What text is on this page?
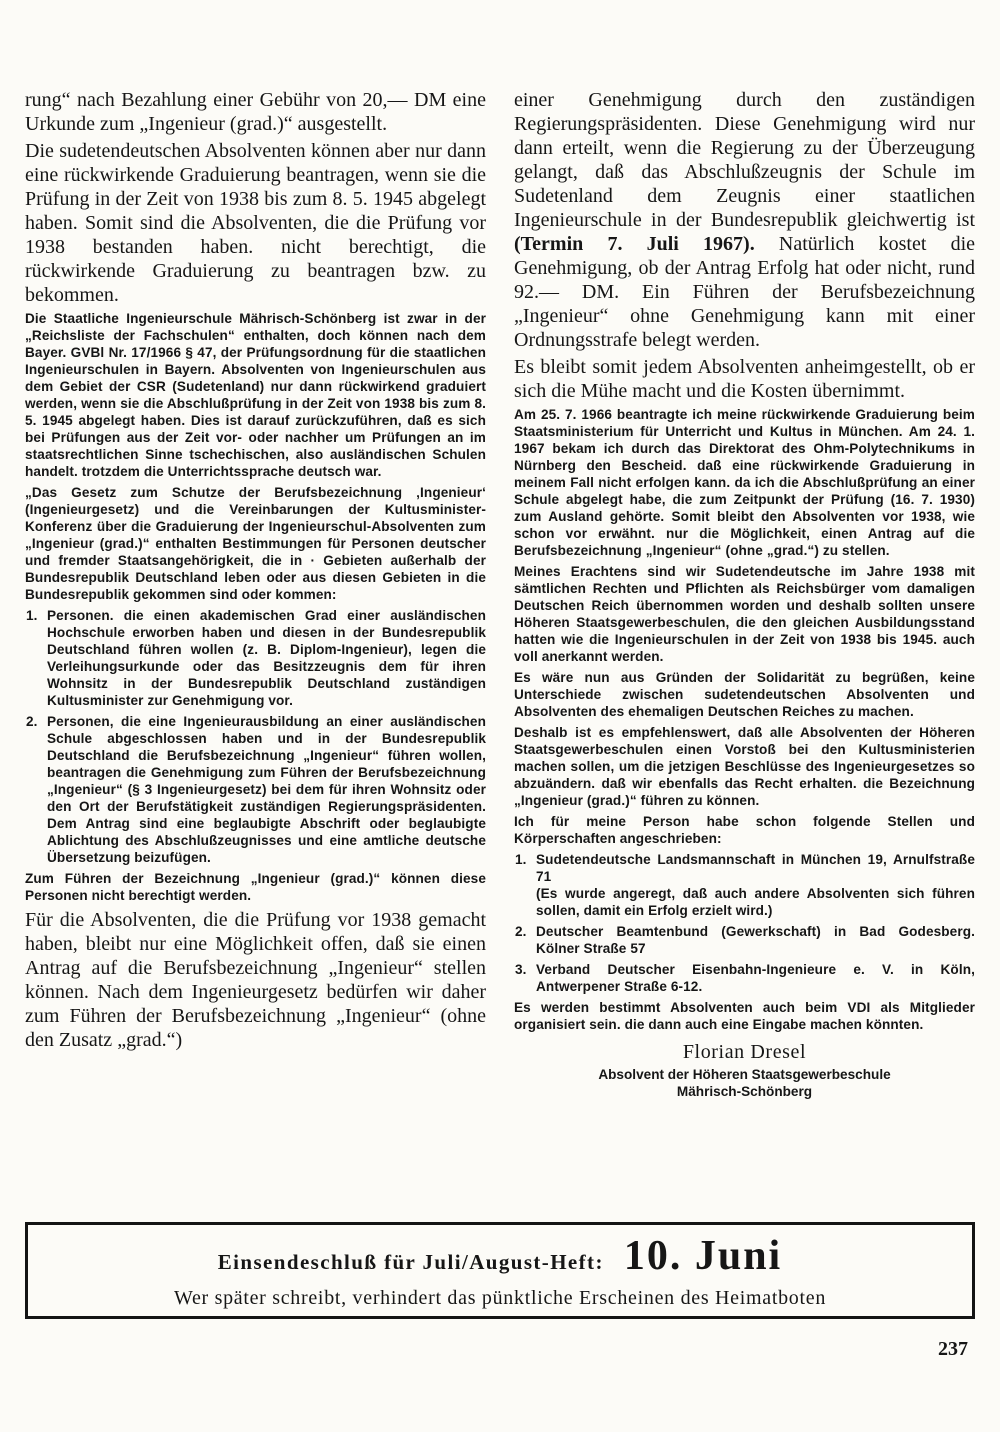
rung“ nach Bezahlung einer Gebühr von 20,— DM eine Urkunde zum „Ingenieur (grad.)“ ausgestellt.

Die sudetendeutschen Absolventen können aber nur dann eine rückwirkende Graduierung beantragen, wenn sie die Prüfung in der Zeit von 1938 bis zum 8. 5. 1945 abgelegt haben. Somit sind die Absolventen, die die Prüfung vor 1938 bestanden haben. nicht berechtigt, die rückwirkende Graduierung zu beantragen bzw. zu bekommen.

Die Staatliche Ingenieurschule Mährisch-Schönberg ist zwar in der „Reichsliste der Fachschulen“ enthalten, doch können nach dem Bayer. GVBl Nr. 17/1966 § 47, der Prüfungsordnung für die staatlichen Ingenieurschulen in Bayern. Absolventen von Ingenieurschulen aus dem Gebiet der CSR (Sudetenland) nur dann rückwirkend graduiert werden, wenn sie die Abschlußprüfung in der Zeit von 1938 bis zum 8. 5. 1945 abgelegt haben. Dies ist darauf zurückzuführen, daß es sich bei Prüfungen aus der Zeit vor- oder nachher um Prüfungen an im staatsrechtlichen Sinne tschechischen, also ausländischen Schulen handelt. trotzdem die Unterrichtssprache deutsch war.

„Das Gesetz zum Schutze der Berufsbezeichnung ‚Ingenieur‘ (Ingenieurgesetz) und die Vereinbarungen der Kultusminister-Konferenz über die Graduierung der Ingenieurschul-Absolventen zum „Ingenieur (grad.)“ enthalten Bestimmungen für Personen deutscher und fremder Staatsangehörigkeit, die in · Gebieten außerhalb der Bundesrepublik Deutschland leben oder aus diesen Gebieten in die Bundesrepublik gekommen sind oder kommen:

1. Personen. die einen akademischen Grad einer ausländischen Hochschule erworben haben und diesen in der Bundesrepublik Deutschland führen wollen (z. B. Diplom-Ingenieur), legen die Verleihungsurkunde oder das Besitzzeugnis dem für ihren Wohnsitz in der Bundesrepublik Deutschland zuständigen Kultusminister zur Genehmigung vor.
2. Personen, die eine Ingenieurausbildung an einer ausländischen Schule abgeschlossen haben und in der Bundesrepublik Deutschland die Berufsbezeichnung „Ingenieur“ führen wollen, beantragen die Genehmigung zum Führen der Berufsbezeichnung „Ingenieur“ (§ 3 Ingenieurgesetz) bei dem für ihren Wohnsitz oder den Ort der Berufstätigkeit zuständigen Regierungspräsidenten. Dem Antrag sind eine beglaubigte Abschrift oder beglaubigte Ablichtung des Abschlußzeugnisses und eine amtliche deutsche Übersetzung beizufügen.

Zum Führen der Bezeichnung „Ingenieur (grad.)“ können diese Personen nicht berechtigt werden.

Für die Absolventen, die die Prüfung vor 1938 gemacht haben, bleibt nur eine Möglichkeit offen, daß sie einen Antrag auf die Berufsbezeichnung „Ingenieur“ stellen können. Nach dem Ingenieurgesetz bedürfen wir daher zum Führen der Berufsbezeichnung „Ingenieur“ (ohne den Zusatz „grad.“)

einer Genehmigung durch den zuständigen Regierungspräsidenten. Diese Genehmigung wird nur dann erteilt, wenn die Regierung zu der Überzeugung gelangt, daß das Abschlußzeugnis der Schule im Sudetenland dem Zeugnis einer staatlichen Ingenieurschule in der Bundesrepublik gleichwertig ist (Termin 7. Juli 1967). Natürlich kostet die Genehmigung, ob der Antrag Erfolg hat oder nicht, rund 92.— DM. Ein Führen der Berufsbezeichnung „Ingenieur“ ohne Genehmigung kann mit einer Ordnungsstrafe belegt werden.

Es bleibt somit jedem Absolventen anheimgestellt, ob er sich die Mühe macht und die Kosten übernimmt.

Am 25. 7. 1966 beantragte ich meine rückwirkende Graduierung beim Staatsministerium für Unterricht und Kultus in München. Am 24. 1. 1967 bekam ich durch das Direktorat des Ohm-Polytechnikums in Nürnberg den Bescheid. daß eine rückwirkende Graduierung in meinem Fall nicht erfolgen kann. da ich die Abschlußprüfung an einer Schule abgelegt habe, die zum Zeitpunkt der Prüfung (16. 7. 1930) zum Ausland gehörte. Somit bleibt den Absolventen vor 1938, wie schon vor erwähnt. nur die Möglichkeit, einen Antrag auf die Berufsbezeichnung „Ingenieur“ (ohne „grad.“) zu stellen.

Meines Erachtens sind wir Sudetendeutsche im Jahre 1938 mit sämtlichen Rechten und Pflichten als Reichsbürger vom damaligen Deutschen Reich übernommen worden und deshalb sollten unsere Höheren Staatsgewerbeschulen, die den gleichen Ausbildungsstand hatten wie die Ingenieurschulen in der Zeit von 1938 bis 1945. auch voll anerkannt werden.

Es wäre nun aus Gründen der Solidarität zu begrüßen, keine Unterschiede zwischen sudetendeutschen Absolventen und Absolventen des ehemaligen Deutschen Reiches zu machen.

Deshalb ist es empfehlenswert, daß alle Absolventen der Höheren Staatsgewerbeschulen einen Vorstoß bei den Kultusministerien machen sollen, um die jetzigen Beschlüsse des Ingenieurgesetzes so abzuändern. daß wir ebenfalls das Recht erhalten. die Bezeichnung „Ingenieur (grad.)“ führen zu können.

Ich für meine Person habe schon folgende Stellen und Körperschaften angeschrieben:

1. Sudetendeutsche Landsmannschaft in München 19, Arnulfstraße 71
(Es wurde angeregt, daß auch andere Absolventen sich führen sollen, damit ein Erfolg erzielt wird.)
2. Deutscher Beamtenbund (Gewerkschaft) in Bad Godesberg. Kölner Straße 57
3. Verband Deutscher Eisenbahn-Ingenieure e. V. in Köln, Antwerpener Straße 6-12.

Es werden bestimmt Absolventen auch beim VDI als Mitglieder organisiert sein. die dann auch eine Eingabe machen könnten.

Florian Dresel
Absolvent der Höheren Staatsgewerbeschule
Mährisch-Schönberg
Einsendeschluß für Juli/August-Heft: 10. Juni
Wer später schreibt, verhindert das pünktliche Erscheinen des Heimatboten
237
